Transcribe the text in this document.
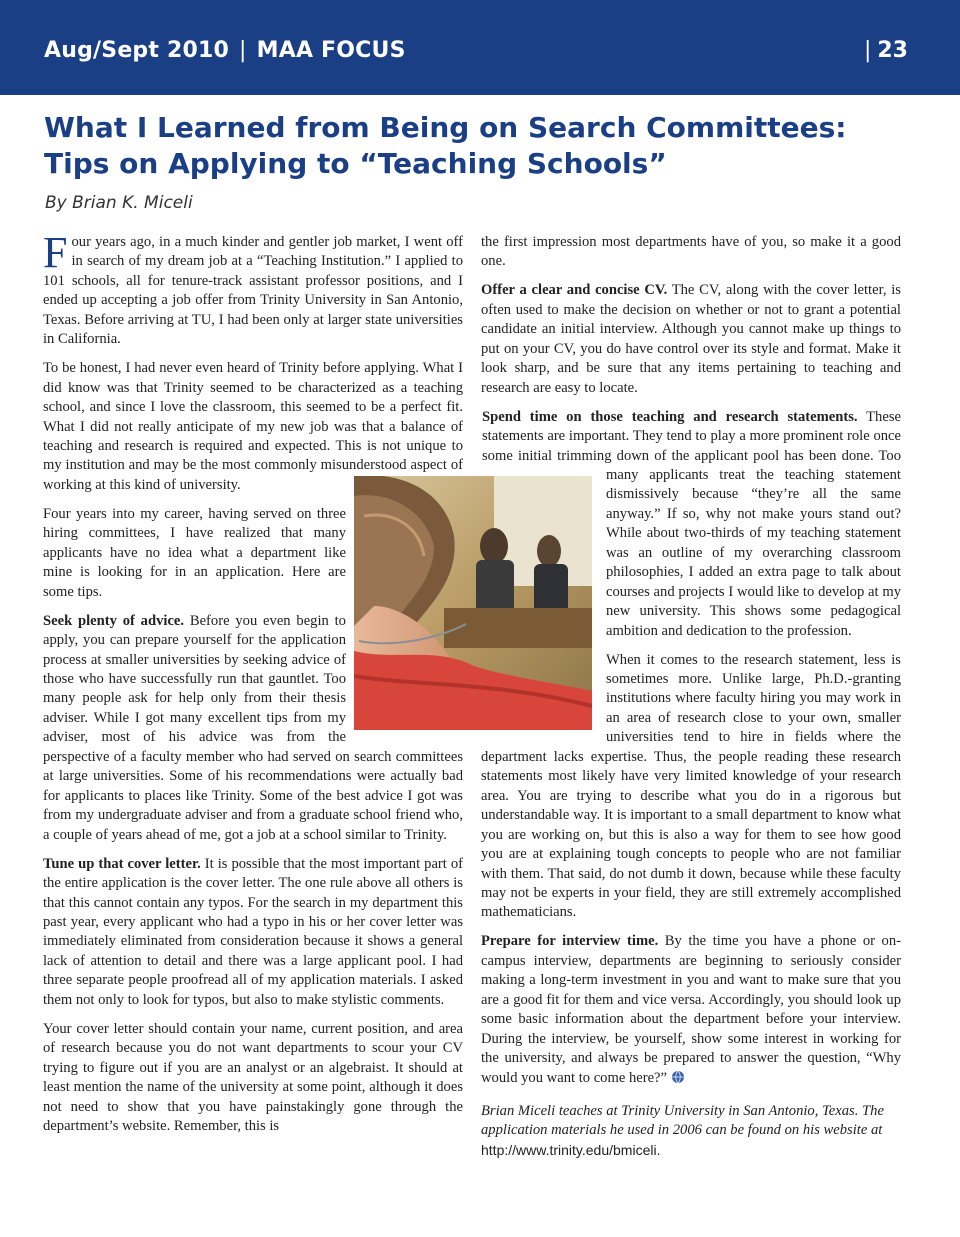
Aug/Sept 2010 | MAA FOCUS	| 23
What I Learned from Being on Search Committees:
Tips on Applying to “Teaching Schools”
By Brian K. Miceli

Four years ago, in a much kinder and gentler job market, I went off in search of my dream job at a “Teaching Institution.” I applied to 101 schools, all for tenure-track assistant professor positions, and I ended up accepting a job offer from Trinity University in San Antonio, Texas. Before arriving at TU, I had been only at larger state universities in California.

To be honest, I had never even heard of Trinity before applying. What I did know was that Trinity seemed to be characterized as a teaching school, and since I love the classroom, this seemed to be a perfect fit. What I did not really anticipate of my new job was that a balance of teaching and research is required and expected. This is not unique to my institution and may be the most commonly misunderstood aspect of working at this kind of university.

Four years into my career, having served on three hiring committees, I have realized that many applicants have no idea what a department like mine is looking for in an application. Here are some tips.

Seek plenty of advice. Before you even begin to apply, you can prepare yourself for the application process at smaller universities by seeking advice of those who have successfully run that gauntlet. Too many people ask for help only from their thesis adviser. While I got many excellent tips from my adviser, most of his advice was from the perspective of a faculty member who had served on search committees at large universities. Some of his recommendations were actually bad for applicants to places like Trinity. Some of the best advice I got was from my undergraduate adviser and from a graduate school friend who, a couple of years ahead of me, got a job at a school similar to Trinity.

Tune up that cover letter. It is possible that the most important part of the entire application is the cover letter. The one rule above all others is that this cannot contain any typos. For the search in my department this past year, every applicant who had a typo in his or her cover letter was immediately eliminated from consideration because it shows a general lack of attention to detail and there was a large applicant pool. I had three separate people proofread all of my application materials. I asked them not only to look for typos, but also to make stylistic comments.

Your cover letter should contain your name, current position, and area of research because you do not want departments to scour your CV trying to figure out if you are an analyst or an algebraist. It should at least mention the name of the university at some point, although it does not need to show that you have painstakingly gone through the department’s website. Remember, this is

the first impression most departments have of you, so make it a good one.

Offer a clear and concise CV. The CV, along with the cover letter, is often used to make the decision on whether or not to grant a potential candidate an initial interview. Although you cannot make up things to put on your CV, you do have control over its style and format. Make it look sharp, and be sure that any items pertaining to teaching and research are easy to locate.

Spend time on those teaching and research statements. These statements are important. They tend to play a more prominent role once some initial trimming down of the applicant pool has been done. Too many applicants treat the teaching statement dismissively because “they’re all the same anyway.” If so, why not make yours stand out? While about two-thirds of my teaching statement was an outline of my overarching classroom philosophies, I added an extra page to talk about courses and projects I would like to develop at my new university. This shows some pedagogical ambition and dedication to the profession.

When it comes to the research statement, less is sometimes more. Unlike large, Ph.D.-granting institutions where faculty hiring you may work in an area of research close to your own, smaller universities tend to hire in fields where the department lacks expertise. Thus, the people reading these research statements most likely have very limited knowledge of your research area. You are trying to describe what you do in a rigorous but understandable way. It is important to a small department to know what you are working on, but this is also a way for them to see how good you are at explaining tough concepts to people who are not familiar with them. That said, do not dumb it down, because while these faculty may not be experts in your field, they are still extremely accomplished mathematicians.

Prepare for interview time. By the time you have a phone or on-campus interview, departments are beginning to seriously consider making a long-term investment in you and want to make sure that you are a good fit for them and vice versa. Accordingly, you should look up some basic information about the department before your interview. During the interview, be yourself, show some interest in working for the university, and always be prepared to answer the question, “Why would you want to come here?”

Brian Miceli teaches at Trinity University in San Antonio, Texas. The application materials he used in 2006 can be found on his website at http://www.trinity.edu/bmiceli.
